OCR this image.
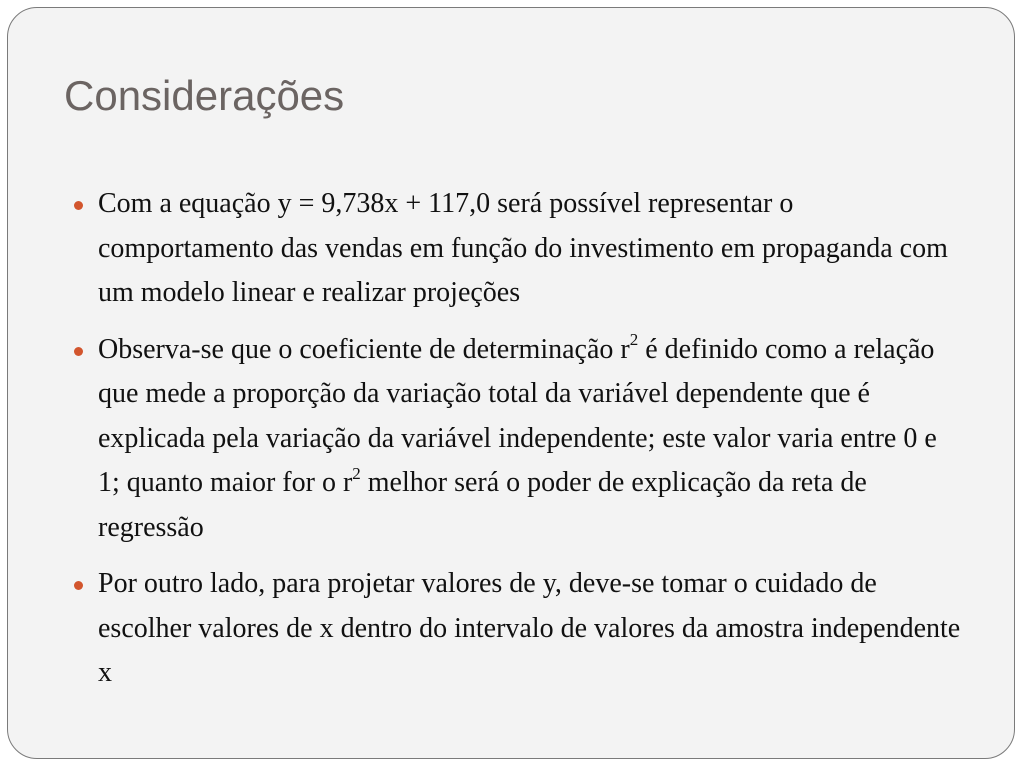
Considerações
Com a equação y = 9,738x + 117,0 será possível representar o comportamento das vendas em função do investimento em propaganda com um modelo linear e realizar projeções
Observa-se que o coeficiente de determinação $r^2$ é definido como a relação que mede a proporção da variação total da variável dependente que é explicada pela variação da variável independente; este valor varia entre 0 e 1; quanto maior for o $r^2$ melhor será o poder de explicação da reta de regressão
Por outro lado, para projetar valores de y, deve-se tomar o cuidado de escolher valores de x dentro do intervalo de valores da amostra independente x
